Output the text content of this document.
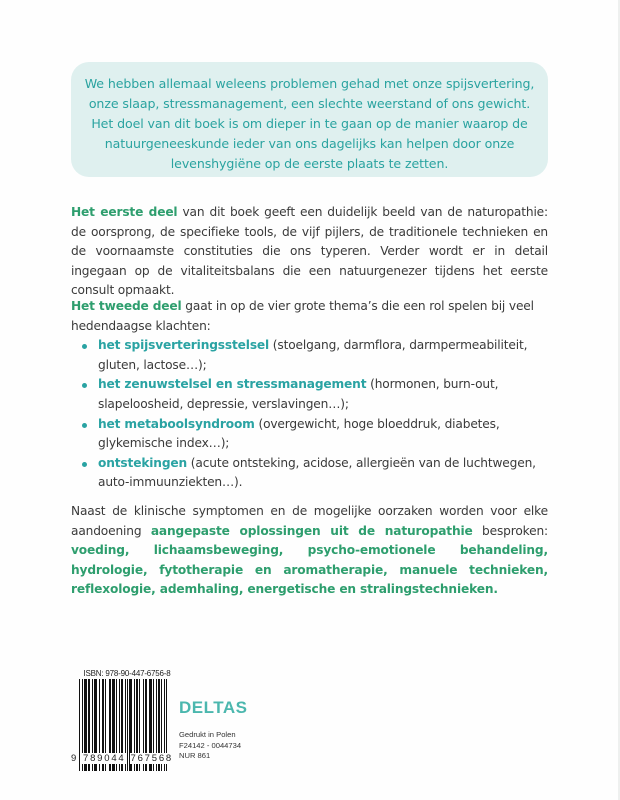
We hebben allemaal weleens problemen gehad met onze spijsvertering, onze slaap, stressmanagement, een slechte weerstand of ons gewicht. Het doel van dit boek is om dieper in te gaan op de manier waarop de natuurgeneeskunde ieder van ons dagelijks kan helpen door onze levenshygiëne op de eerste plaats te zetten.

Het eerste deel van dit boek geeft een duidelijk beeld van de naturopathie: de oorsprong, de specifieke tools, de vijf pijlers, de traditionele technieken en de voornaamste constituties die ons typeren. Verder wordt er in detail ingegaan op de vitaliteitsbalans die een natuurgenezer tijdens het eerste consult opmaakt.

Het tweede deel gaat in op de vier grote thema’s die een rol spelen bij veel hedendaagse klachten:

het spijsverteringsstelsel (stoelgang, darmflora, darmpermeabiliteit, gluten, lactose…);
het zenuwstelsel en stressmanagement (hormonen, burn-out, slapeloosheid, depressie, verslavingen…);
het metaboolsyndroom (overgewicht, hoge bloeddruk, diabetes, glykemische index…);
ontstekingen (acute ontsteking, acidose, allergieën van de luchtwegen, auto-immuunziekten…).

Naast de klinische symptomen en de mogelijke oorzaken worden voor elke aandoening aangepaste oplossingen uit de naturopathie besproken: voeding, lichaamsbeweging, psycho-emotionele behandeling, hydrologie, fytotherapie en aromatherapie, manuele technieken, reflexologie, ademhaling, energetische en stralingstechnieken.

ISBN: 978-90-447-6756-8
9 789044 767568
DELTAS
Gedrukt in Polen
F24142 - 0044734
NUR 861
